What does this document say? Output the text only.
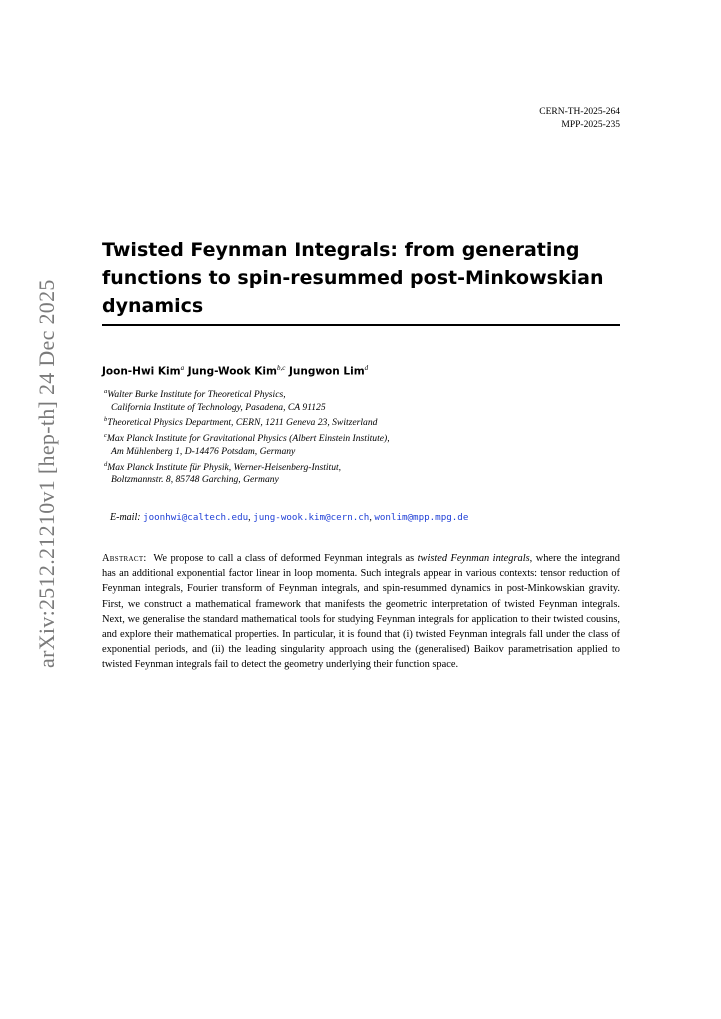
arXiv:2512.21210v1 [hep-th] 24 Dec 2025
CERN-TH-2025-264
MPP-2025-235
Twisted Feynman Integrals: from generating functions to spin-resummed post-Minkowskian dynamics
Joon-Hwi Kim$^a$ Jung-Wook Kim$^{b,c}$ Jungwon Lim$^d$
$^a$Walter Burke Institute for Theoretical Physics,
California Institute of Technology, Pasadena, CA 91125
$^b$Theoretical Physics Department, CERN, 1211 Geneva 23, Switzerland
$^c$Max Planck Institute for Gravitational Physics (Albert Einstein Institute),
Am Mühlenberg 1, D-14476 Potsdam, Germany
$^d$Max Planck Institute für Physik, Werner-Heisenberg-Institut,
Boltzmannstr. 8, 85748 Garching, Germany
E-mail: joonhwi@caltech.edu, jung-wook.kim@cern.ch, wonlim@mpp.mpg.de

Abstract: We propose to call a class of deformed Feynman integrals as twisted Feynman integrals, where the integrand has an additional exponential factor linear in loop momenta. Such integrals appear in various contexts: tensor reduction of Feynman integrals, Fourier transform of Feynman integrals, and spin-resummed dynamics in post-Minkowskian gravity. First, we construct a mathematical framework that manifests the geometric interpretation of twisted Feynman integrals. Next, we generalise the standard mathematical tools for studying Feynman integrals for application to their twisted cousins, and explore their mathematical properties. In particular, it is found that (i) twisted Feynman integrals fall under the class of exponential periods, and (ii) the leading singularity approach using the (generalised) Baikov parametrisation applied to twisted Feynman integrals fail to detect the geometry underlying their function space.
